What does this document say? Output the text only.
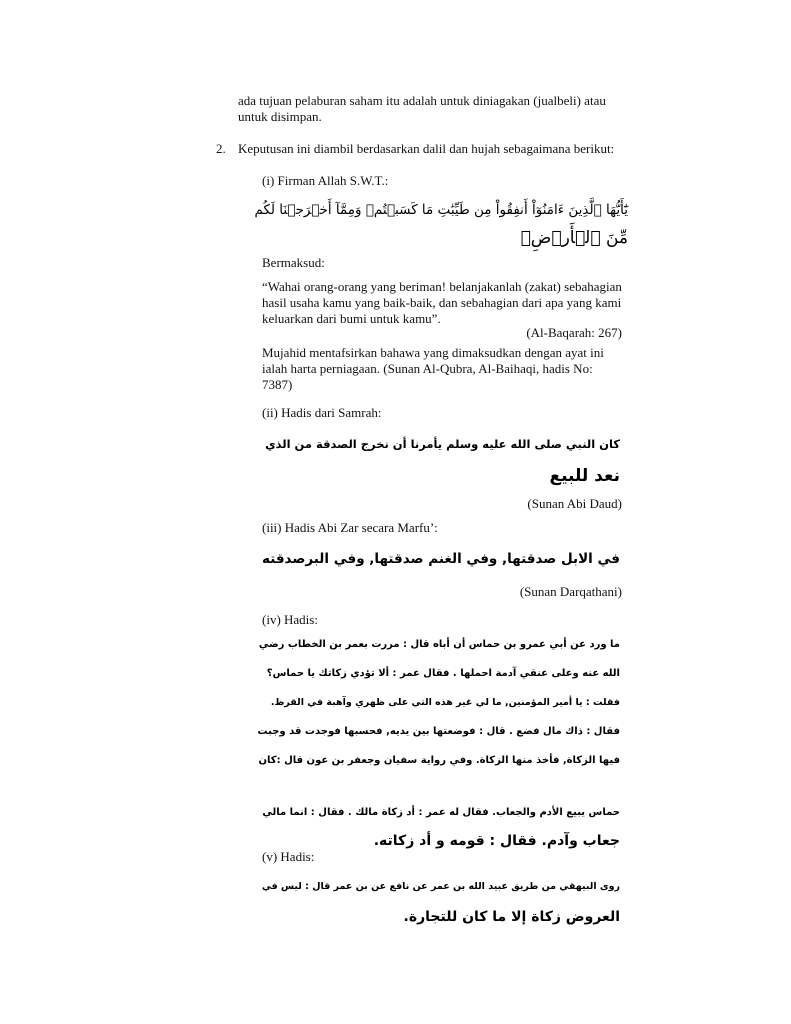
ada tujuan pelaburan saham itu adalah untuk diniagakan (jualbeli) atau
untuk disimpan.
2. Keputusan ini diambil berdasarkan dalil dan hujah sebagaimana berikut:
(i) Firman Allah S.W.T.:
يَٰٓأَيُّهَا ٱلَّذِينَ ءَامَنُوٓاْ أَنفِقُواْ مِن طَيِّبَٰتِ مَا كَسَبۡتُمۡ وَمِمَّآ أَخۡرَجۡنَا لَكُم
مِّنَ ٱلۡأَرۡضِۖ
Bermaksud:
“Wahai orang-orang yang beriman! belanjakanlah (zakat) sebahagian
hasil usaha kamu yang baik-baik, dan sebahagian dari apa yang kami
keluarkan dari bumi untuk kamu”.
(Al-Baqarah: 267)
Mujahid mentafsirkan bahawa yang dimaksudkan dengan ayat ini
ialah harta perniagaan. (Sunan Al-Qubra, Al-Baihaqi, hadis No:
7387)
(ii) Hadis dari Samrah:
كان النبي صلى الله عليه وسلم يأمرنا أن نخرج الصدقة من الذي
نعد للبيع
(Sunan Abi Daud)
(iii) Hadis Abi Zar secara Marfu’:
في الابل صدقتها, وفي الغنم صدقتها, وفي البرصدقته
(Sunan Darqathani)
(iv) Hadis:
ما ورد عن أبي عمرو بن حماس أن أباه قال : مررت بعمر بن الخطاب رضي
الله عنه وعلى عنقي آدمة احملها . فقال عمر : ألا تؤدي زكاتك يا حماس؟
فقلت : يا أمير المؤمنين, ما لي غير هذه التي على ظهري وآهبة في القرظ.
فقال : ذاك مال فضع . قال : فوضعتها بين يديه, فحسبها فوجدت قد وجبت
فيها الزكاة, فأخذ منها الزكاة. وفي رواية سفيان وجعفر بن عون قال :كان
حماس يبيع الأدم والجعاب. فقال له عمر : أد زكاة مالك . فقال : انما مالي
جعاب وآدم. فقال : قومه و أد زكاته.
(v) Hadis:
روى البيهقي من طريق عبيد الله بن عمر عن نافع عن بن عمر قال : ليس في
العروض زكاة إلا ما كان للتجارة.
